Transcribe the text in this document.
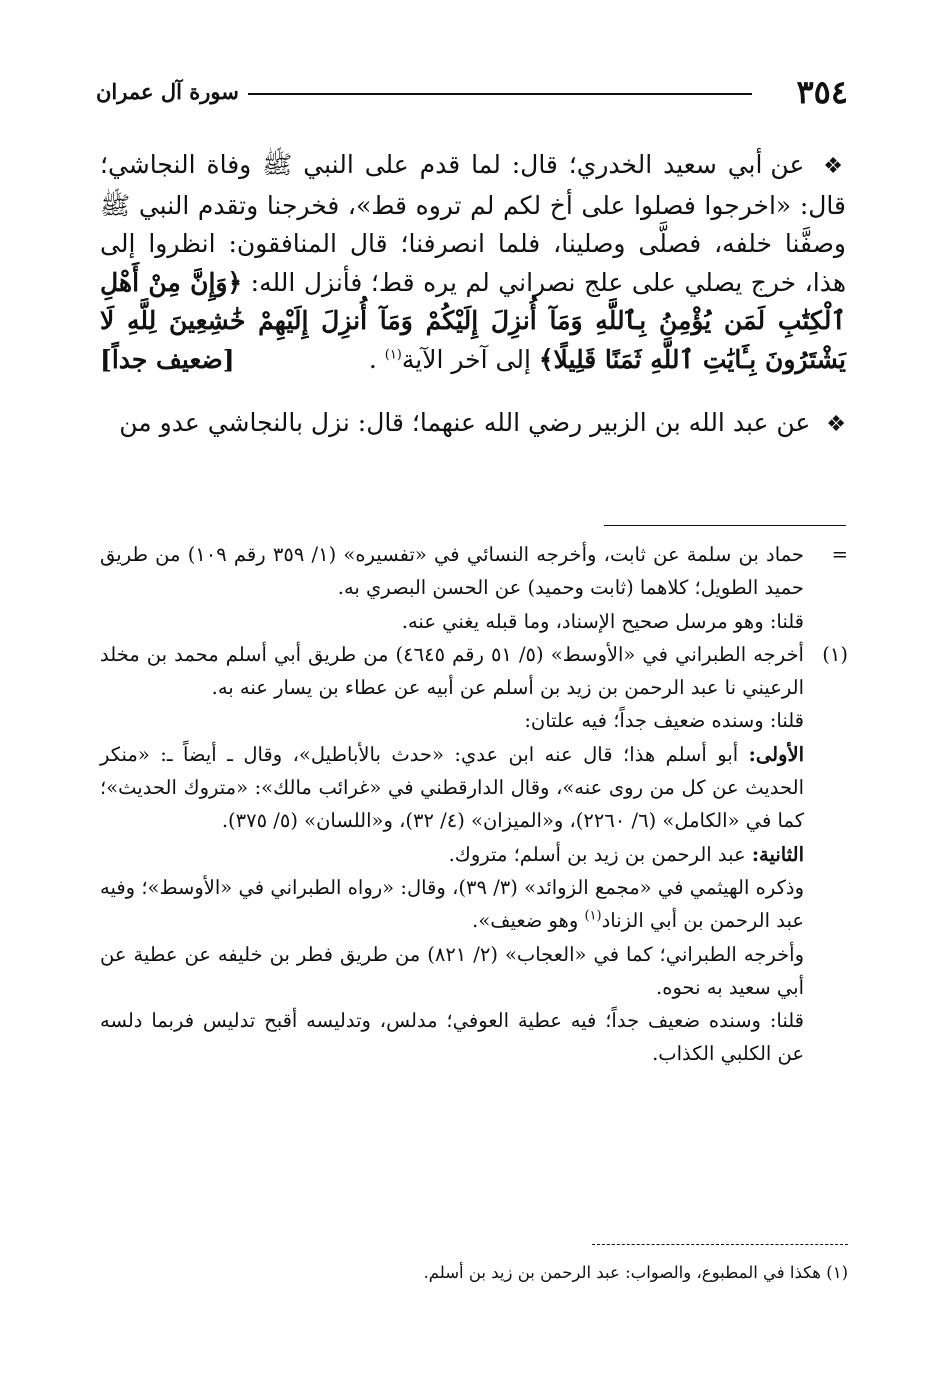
٣٥٤
سورة آل عمران

❖ عن أبي سعيد الخدري؛ قال: لما قدم على النبي ﷺ وفاة النجاشي؛ قال: «اخرجوا فصلوا على أخ لكم لم تروه قط»، فخرجنا وتقدم النبي ﷺ وصفَّنا خلفه، فصلَّى وصلينا، فلما انصرفنا؛ قال المنافقون: انظروا إلى هذا، خرج يصلي على علج نصراني لم يره قط؛ فأنزل الله: ﴿وَإِنَّ مِنْ أَهْلِ ٱلْكِتَٰبِ لَمَن يُؤْمِنُ بِٱللَّهِ وَمَآ أُنزِلَ إِلَيْكُمْ وَمَآ أُنزِلَ إِلَيْهِمْ خَٰشِعِينَ لِلَّهِ لَا يَشْتَرُونَ بِـَٔايَٰتِ ٱللَّهِ ثَمَنًا قَلِيلًا﴾ إلى آخر الآية$^{(١)}$ .
[ضعيف جداً]

❖ عن عبد الله بن الزبير رضي الله عنهما؛ قال: نزل بالنجاشي عدو من

=

حماد بن سلمة عن ثابت، وأخرجه النسائي في «تفسيره» (١/ ٣٥٩ رقم ١٠٩) من طريق حميد الطويل؛ كلاهما (ثابت وحميد) عن الحسن البصري به.

قلنا: وهو مرسل صحيح الإسناد، وما قبله يغني عنه.

(١)

أخرجه الطبراني في «الأوسط» (٥/ ٥١ رقم ٤٦٤٥) من طريق أبي أسلم محمد بن مخلد الرعيني نا عبد الرحمن بن زيد بن أسلم عن أبيه عن عطاء بن يسار عنه به.

قلنا: وسنده ضعيف جداً؛ فيه علتان:

الأولى: أبو أسلم هذا؛ قال عنه ابن عدي: «حدث بالأباطيل»، وقال ـ أيضاً ـ: «منكر الحديث عن كل من روى عنه»، وقال الدارقطني في «غرائب مالك»: «متروك الحديث»؛ كما في «الكامل» (٦/ ٢٢٦٠)، و«الميزان» (٤/ ٣٢)، و«اللسان» (٥/ ٣٧٥).

الثانية: عبد الرحمن بن زيد بن أسلم؛ متروك.

وذكره الهيثمي في «مجمع الزوائد» (٣/ ٣٩)، وقال: «رواه الطبراني في «الأوسط»؛ وفيه عبد الرحمن بن أبي الزناد$^{(١)}$ وهو ضعيف».

وأخرجه الطبراني؛ كما في «العجاب» (٢/ ٨٢١) من طريق فطر بن خليفه عن عطية عن أبي سعيد به نحوه.

قلنا: وسنده ضعيف جداً؛ فيه عطية العوفي؛ مدلس، وتدليسه أقبح تدليس فربما دلسه عن الكلبي الكذاب.

(١) هكذا في المطبوع، والصواب: عبد الرحمن بن زيد بن أسلم.
